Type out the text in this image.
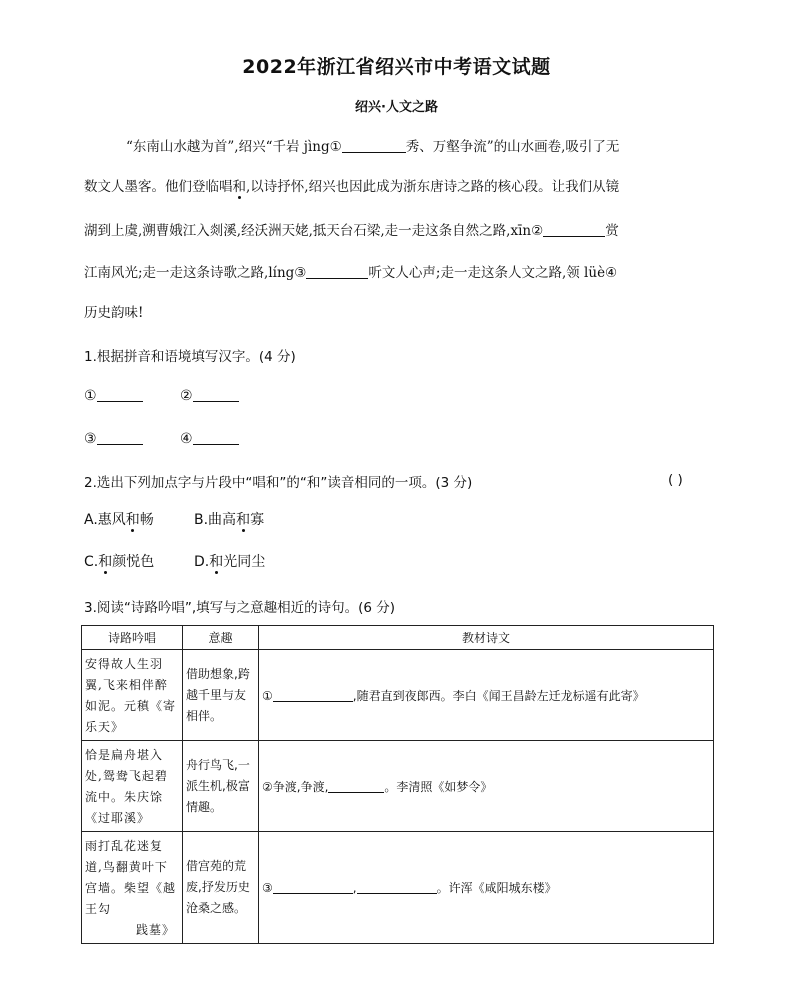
2022年浙江省绍兴市中考语文试题
绍兴·人文之路
“东南山水越为首”,绍兴“千岩 jìng①	秀、万壑争流”的山水画卷,吸引了无
数文人墨客。他们登临唱和,以诗抒怀,绍兴也因此成为浙东唐诗之路的核心段。让我们从镜
湖到上虞,溯曹娥江入剡溪,经沃洲天姥,抵天台石梁,走一走这条自然之路,xīn②	赏
江南风光;走一走这条诗歌之路,líng③	听文人心声;走一走这条人文之路,领 lüè④
历史韵味!
1.根据拼音和语境填写汉字。(4 分)
①	②
③	④
2.选出下列加点字与片段中“唱和”的“和”读音相同的一项。(3 分)	( )
A.惠风和畅	B.曲高和寡
C.和颜悦色	D.和光同尘
3.阅读“诗路吟唱”,填写与之意趣相近的诗句。(6 分)
诗路吟唱	意趣	教材诗文
安得故人生羽翼,飞来相伴醉如泥。元稹《寄乐天》	借助想象,跨越千里与友相伴。	① ,随君直到夜郎西。李白《闻王昌龄左迁龙标遥有此寄》
恰是扁舟堪入处,鸳鸯飞起碧流中。朱庆馀《过耶溪》	舟行鸟飞,一派生机,极富情趣。	②争渡,争渡, 。李清照《如梦令》
雨打乱花迷复道,鸟翻黄叶下宫墙。柴望《越王勾
践墓》	借宫苑的荒废,抒发历史沧桑之感。	③ , 。许浑《咸阳城东楼》
